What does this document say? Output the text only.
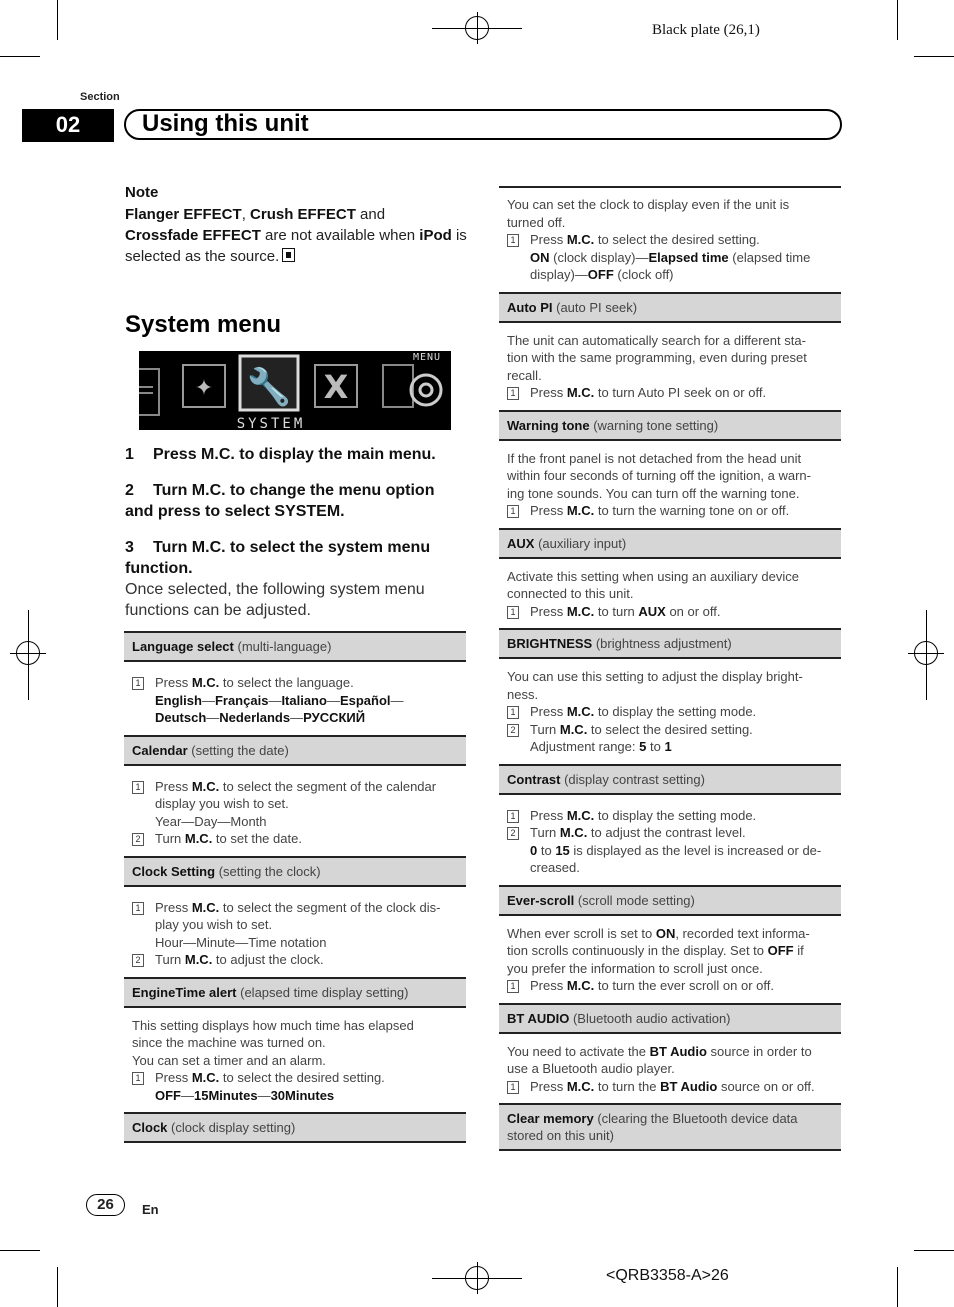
Black plate (26,1)
Section
02	Using this unit
Note
Flanger EFFECT, Crush EFFECT and
Crossfade EFFECT are not available when iPod is
selected as the source.
System menu
✦ 🔧 X
MENU
SYSTEM
1 Press M.C. to display the main menu.
2 Turn M.C. to change the menu option
and press to select SYSTEM.
3 Turn M.C. to select the system menu
function.
Once selected, the following system menu
functions can be adjusted.
Language select (multi-language)
1 Press M.C. to select the language.
English—Français—Italiano—Español—
Deutsch—Nederlands—РУССКИЙ
Calendar (setting the date)
1 Press M.C. to select the segment of the calendar
display you wish to set.
Year—Day—Month
2 Turn M.C. to set the date.
Clock Setting (setting the clock)
1 Press M.C. to select the segment of the clock dis-
play you wish to set.
Hour—Minute—Time notation
2 Turn M.C. to adjust the clock.
EngineTime alert (elapsed time display setting)
This setting displays how much time has elapsed
since the machine was turned on.
You can set a timer and an alarm.
1 Press M.C. to select the desired setting.
OFF—15Minutes—30Minutes
Clock (clock display setting)
You can set the clock to display even if the unit is
turned off.
1 Press M.C. to select the desired setting.
ON (clock display)—Elapsed time (elapsed time
display)—OFF (clock off)
Auto PI (auto PI seek)
The unit can automatically search for a different sta-
tion with the same programming, even during preset
recall.
1 Press M.C. to turn Auto PI seek on or off.
Warning tone (warning tone setting)
If the front panel is not detached from the head unit
within four seconds of turning off the ignition, a warn-
ing tone sounds. You can turn off the warning tone.
1 Press M.C. to turn the warning tone on or off.
AUX (auxiliary input)
Activate this setting when using an auxiliary device
connected to this unit.
1 Press M.C. to turn AUX on or off.
BRIGHTNESS (brightness adjustment)
You can use this setting to adjust the display bright-
ness.
1 Press M.C. to display the setting mode.
2 Turn M.C. to select the desired setting.
Adjustment range: 5 to 1
Contrast (display contrast setting)
1 Press M.C. to display the setting mode.
2 Turn M.C. to adjust the contrast level.
0 to 15 is displayed as the level is increased or de-
creased.
Ever-scroll (scroll mode setting)
When ever scroll is set to ON, recorded text informa-
tion scrolls continuously in the display. Set to OFF if
you prefer the information to scroll just once.
1 Press M.C. to turn the ever scroll on or off.
BT AUDIO (Bluetooth audio activation)
You need to activate the BT Audio source in order to
use a Bluetooth audio player.
1 Press M.C. to turn the BT Audio source on or off.
Clear memory (clearing the Bluetooth device data
stored on this unit)
26	En
<QRB3358-A>26
